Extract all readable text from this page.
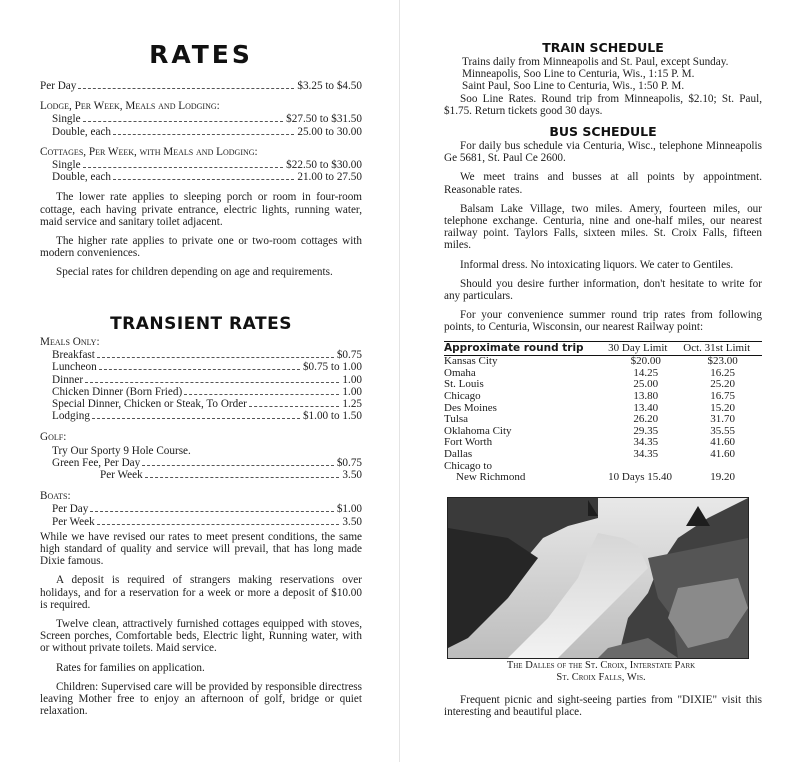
RATES
Per Day	$3.25 to $4.50
Lodge, Per Week, Meals and Lodging:
Single	$27.50 to $31.50
Double, each	25.00 to 30.00
Cottages, Per Week, with Meals and Lodging:
Single	$22.50 to $30.00
Double, each	21.00 to 27.50

The lower rate applies to sleeping porch or room in four-room cottage, each having private entrance, electric lights, running water, maid service and sanitary toilet adjacent.

The higher rate applies to private one or two-room cottages with modern conveniences.

Special rates for children depending on age and requirements.

TRANSIENT RATES
Meals Only:
Breakfast	$0.75
Luncheon	$0.75 to 1.00
Dinner	1.00
Chicken Dinner (Born Fried)	1.00
Special Dinner, Chicken or Steak, To Order	1.25
Lodging	$1.00 to 1.50
Golf:
Try Our Sporty 9 Hole Course.
Green Fee, Per Day	$0.75
Per Week	3.50
Boats:
Per Day	$1.00
Per Week	3.50

While we have revised our rates to meet present conditions, the same high standard of quality and service will prevail, that has long made Dixie famous.

A deposit is required of strangers making reservations over holidays, and for a reservation for a week or more a deposit of $10.00 is required.

Twelve clean, attractively furnished cottages equipped with stoves, Screen porches, Comfortable beds, Electric light, Running water, with or without private toilets. Maid service.

Rates for families on application.

Children: Supervised care will be provided by responsible directress leaving Mother free to enjoy an afternoon of golf, bridge or quiet relaxation.

TRAIN SCHEDULE
Trains daily from Minneapolis and St. Paul, except Sunday.
Minneapolis, Soo Line to Centuria, Wis., 1:15 P. M.
Saint Paul, Soo Line to Centuria, Wis., 1:50 P. M.

Soo Line Rates. Round trip from Minneapolis, $2.10; St. Paul, $1.75. Return tickets good 30 days.

BUS SCHEDULE

For daily bus schedule via Centuria, Wisc., telephone Minneapolis Ge 5681, St. Paul Ce 2600.

We meet trains and busses at all points by appointment. Reasonable rates.

Balsam Lake Village, two miles. Amery, fourteen miles, our telephone exchange. Centuria, nine and one-half miles, our nearest railway point. Taylors Falls, sixteen miles. St. Croix Falls, fifteen miles.

Informal dress. No intoxicating liquors. We cater to Gentiles.

Should you desire further information, don't hesitate to write for any particulars.

For your convenience summer round trip rates from following points, to Centuria, Wisconsin, our nearest Railway point:

Approximate round trip	30 Day Limit	Oct. 31st Limit
Kansas City	$20.00	$23.00
Omaha	14.25	16.25
St. Louis	25.00	25.20
Chicago	13.80	16.75
Des Moines	13.40	15.20
Tulsa	26.20	31.70
Oklahoma City	29.35	35.55
Fort Worth	34.35	41.60
Dallas	34.35	41.60
Chicago to		
New Richmond	10 Days 15.40	19.20
The Dalles of the St. Croix, Interstate Park
St. Croix Falls, Wis.

Frequent picnic and sight-seeing parties from "DIXIE" visit this interesting and beautiful place.
